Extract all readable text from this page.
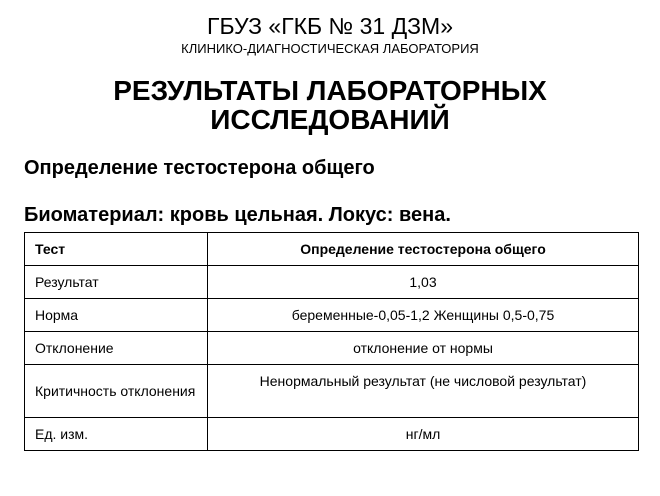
ГБУЗ «ГКБ № 31 ДЗМ»
КЛИНИКО-ДИАГНОСТИЧЕСКАЯ ЛАБОРАТОРИЯ
РЕЗУЛЬТАТЫ ЛАБОРАТОРНЫХ ИССЛЕДОВАНИЙ
Определение тестостерона общего
Биоматериал: кровь цельная. Локус: вена.
Тест	Определение тестостерона общего
Результат	1,03
Норма	беременные-0,05-1,2 Женщины 0,5-0,75
Отклонение	отклонение от нормы
Критичность отклонения	Ненормальный результат (не числовой результат)
Ед. изм.	нг/мл
